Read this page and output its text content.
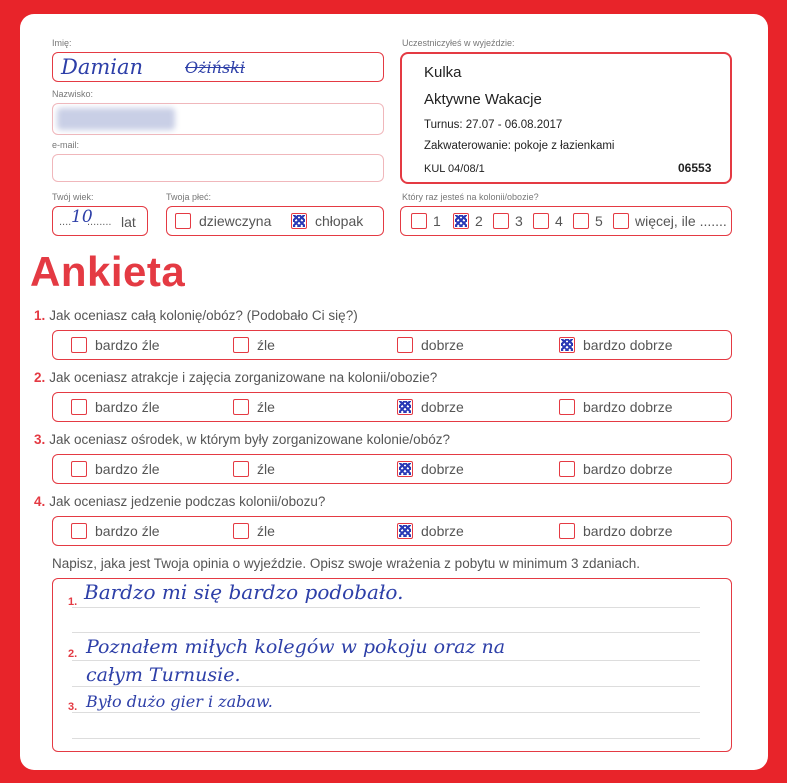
Imię:
Damian	Ożiński
Nazwisko:
e-mail:
Twój wiek:
.... 10
........ lat
Twoja płeć:
dziewczyna	chłopak
Uczestniczyłeś w wyjeździe:
Kulka
Aktywne Wakacje
Turnus: 27.07 - 06.08.2017
Zakwaterowanie: pokoje z łazienkami
KUL 04/08/1	06553
Który raz jesteś na kolonii/obozie?
1 2 3 4 5 więcej, ile .......
Ankieta
1. Jak oceniasz całą kolonię/obóz? (Podobało Ci się?)
bardzo źle	źle	dobrze	bardzo dobrze
2. Jak oceniasz atrakcje i zajęcia zorganizowane na kolonii/obozie?
bardzo źle	źle	dobrze	bardzo dobrze
3. Jak oceniasz ośrodek, w którym były zorganizowane kolonie/obóz?
bardzo źle	źle	dobrze	bardzo dobrze
4. Jak oceniasz jedzenie podczas kolonii/obozu?
bardzo źle	źle	dobrze	bardzo dobrze
Napisz, jaka jest Twoja opinia o wyjeździe. Opisz swoje wrażenia z pobytu w minimum 3 zdaniach.
1. Bardzo mi się bardzo podobało.
2. Poznałem miłych kolegów w pokoju oraz na
całym Turnusie.
3. Było dużo gier i zabaw.
